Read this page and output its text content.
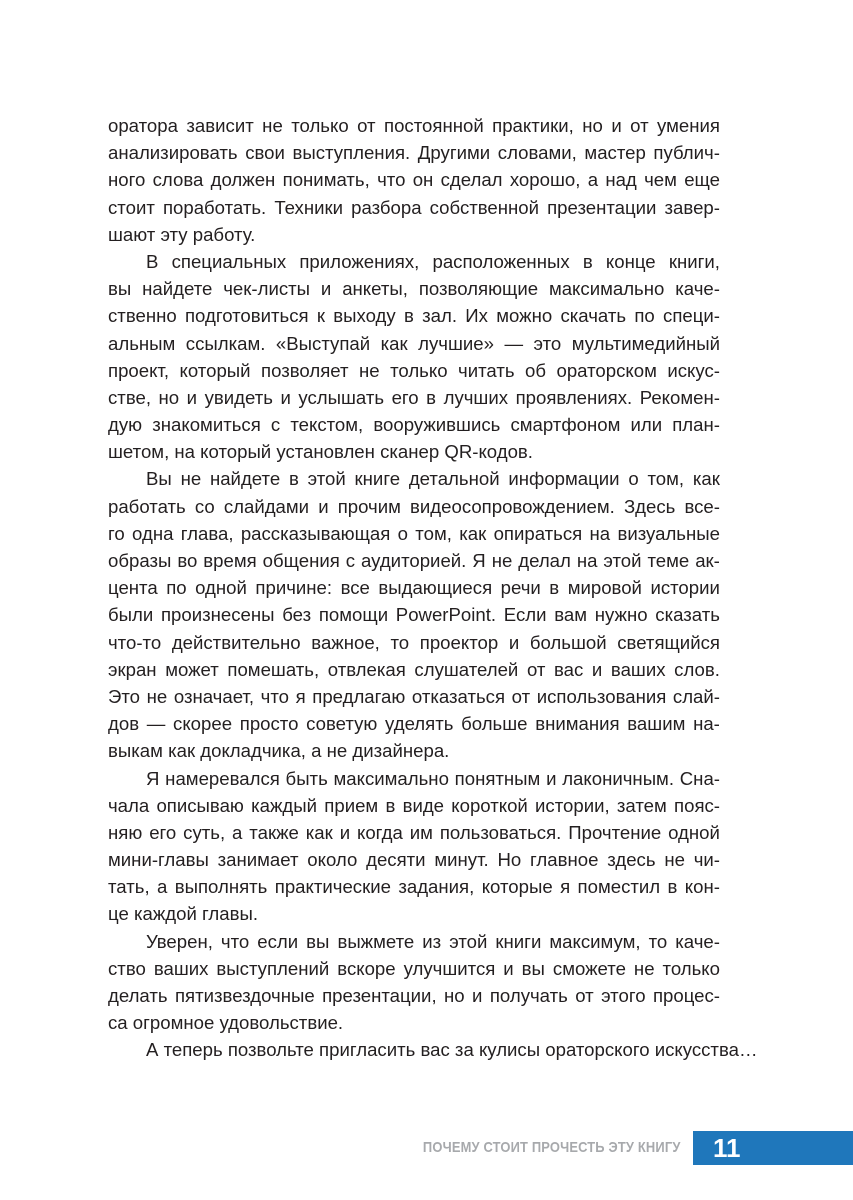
оратора зависит не только от постоянной практики, но и от умения
анализировать свои выступления. Другими словами, мастер публич-
ного слова должен понимать, что он сделал хорошо, а над чем еще
стоит поработать. Техники разбора собственной презентации завер-
шают эту работу.
В специальных приложениях, расположенных в конце книги,
вы найдете чек-листы и анкеты, позволяющие максимально каче-
ственно подготовиться к выходу в зал. Их можно скачать по специ-
альным ссылкам. «Выступай как лучшие» — это мультимедийный
проект, который позволяет не только читать об ораторском искус-
стве, но и увидеть и услышать его в лучших проявлениях. Рекомен-
дую знакомиться с текстом, вооружившись смартфоном или план-
шетом, на который установлен сканер QR-кодов.
Вы не найдете в этой книге детальной информации о том, как
работать со слайдами и прочим видеосопровождением. Здесь все-
го одна глава, рассказывающая о том, как опираться на визуальные
образы во время общения с аудиторией. Я не делал на этой теме ак-
цента по одной причине: все выдающиеся речи в мировой истории
были произнесены без помощи PowerPoint. Если вам нужно сказать
что-то действительно важное, то проектор и большой светящийся
экран может помешать, отвлекая слушателей от вас и ваших слов.
Это не означает, что я предлагаю отказаться от использования слай-
дов — скорее просто советую уделять больше внимания вашим на-
выкам как докладчика, а не дизайнера.
Я намеревался быть максимально понятным и лаконичным. Сна-
чала описываю каждый прием в виде короткой истории, затем пояс-
няю его суть, а также как и когда им пользоваться. Прочтение одной
мини-главы занимает около десяти минут. Но главное здесь не чи-
тать, а выполнять практические задания, которые я поместил в кон-
це каждой главы.
Уверен, что если вы выжмете из этой книги максимум, то каче-
ство ваших выступлений вскоре улучшится и вы сможете не только
делать пятизвездочные презентации, но и получать от этого процес-
са огромное удовольствие.
А теперь позвольте пригласить вас за кулисы ораторского искусства…
ПОЧЕМУ СТОИТ ПРОЧЕСТЬ ЭТУ КНИГУ 11
